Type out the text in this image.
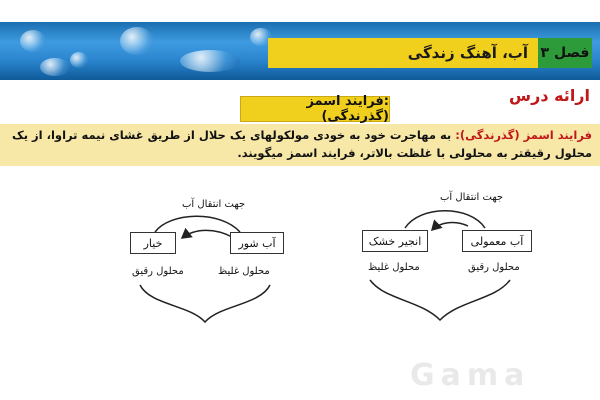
آب، آهنگ زندگی فصل ۳
ارائه درس
:فرایند اسمز (گذرندگی)

فرایند اسمز (گذرندگی): به مهاجرت خود به خودی مولکولهای یک حلال از طریق غشای نیمه تراوا، از یک محلول رقیقتر به محلولی با غلظت بالاتر، فرایند اسمز میگویند.

جهت انتقال آب
خیار	آب شور
محلول رقیق	محلول غلیظ
جهت انتقال آب
انجیر خشک	آب معمولی
محلول غلیظ	محلول رقیق
Gama
